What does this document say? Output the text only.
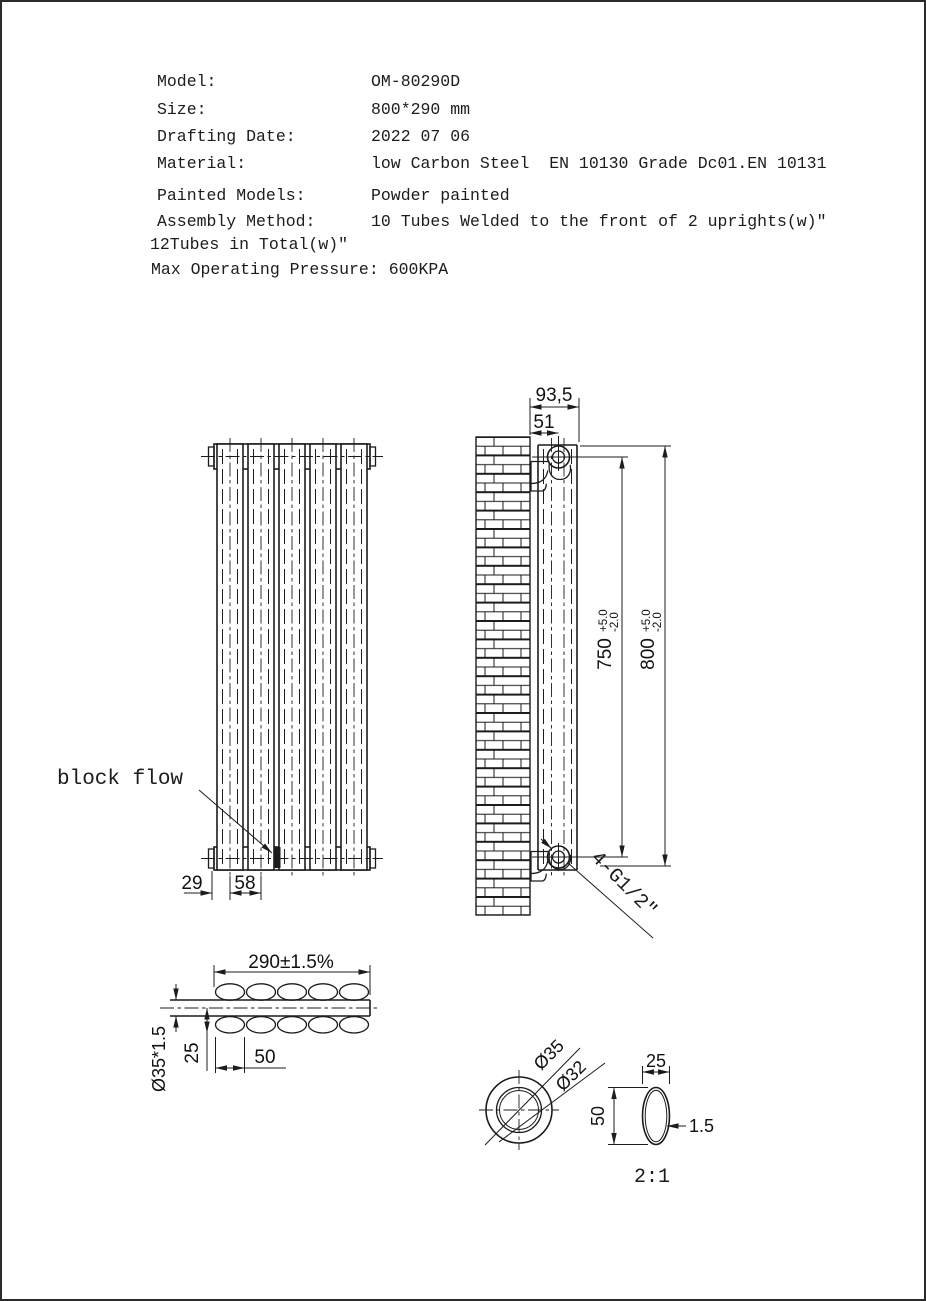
Model:	OM-80290D
Size:	800*290 mm
Drafting Date:	2022 07 06
Material:	low Carbon Steel  EN 10130 Grade Dc01.EN 10131
Painted Models:	Powder painted
Assembly Method:	10 Tubes Welded to the front of 2 uprights(w)"
12Tubes in Total(w)"
Max Operating Pressure: 600KPA
block flow
29 58
93,5
51
750
+5.0 -2.0
800
+5.0 -2.0
4-G1/2"
290±1.5%
Ø35*1.5 25	50	Ø35
Ø32	25
50	1.5
2:1
